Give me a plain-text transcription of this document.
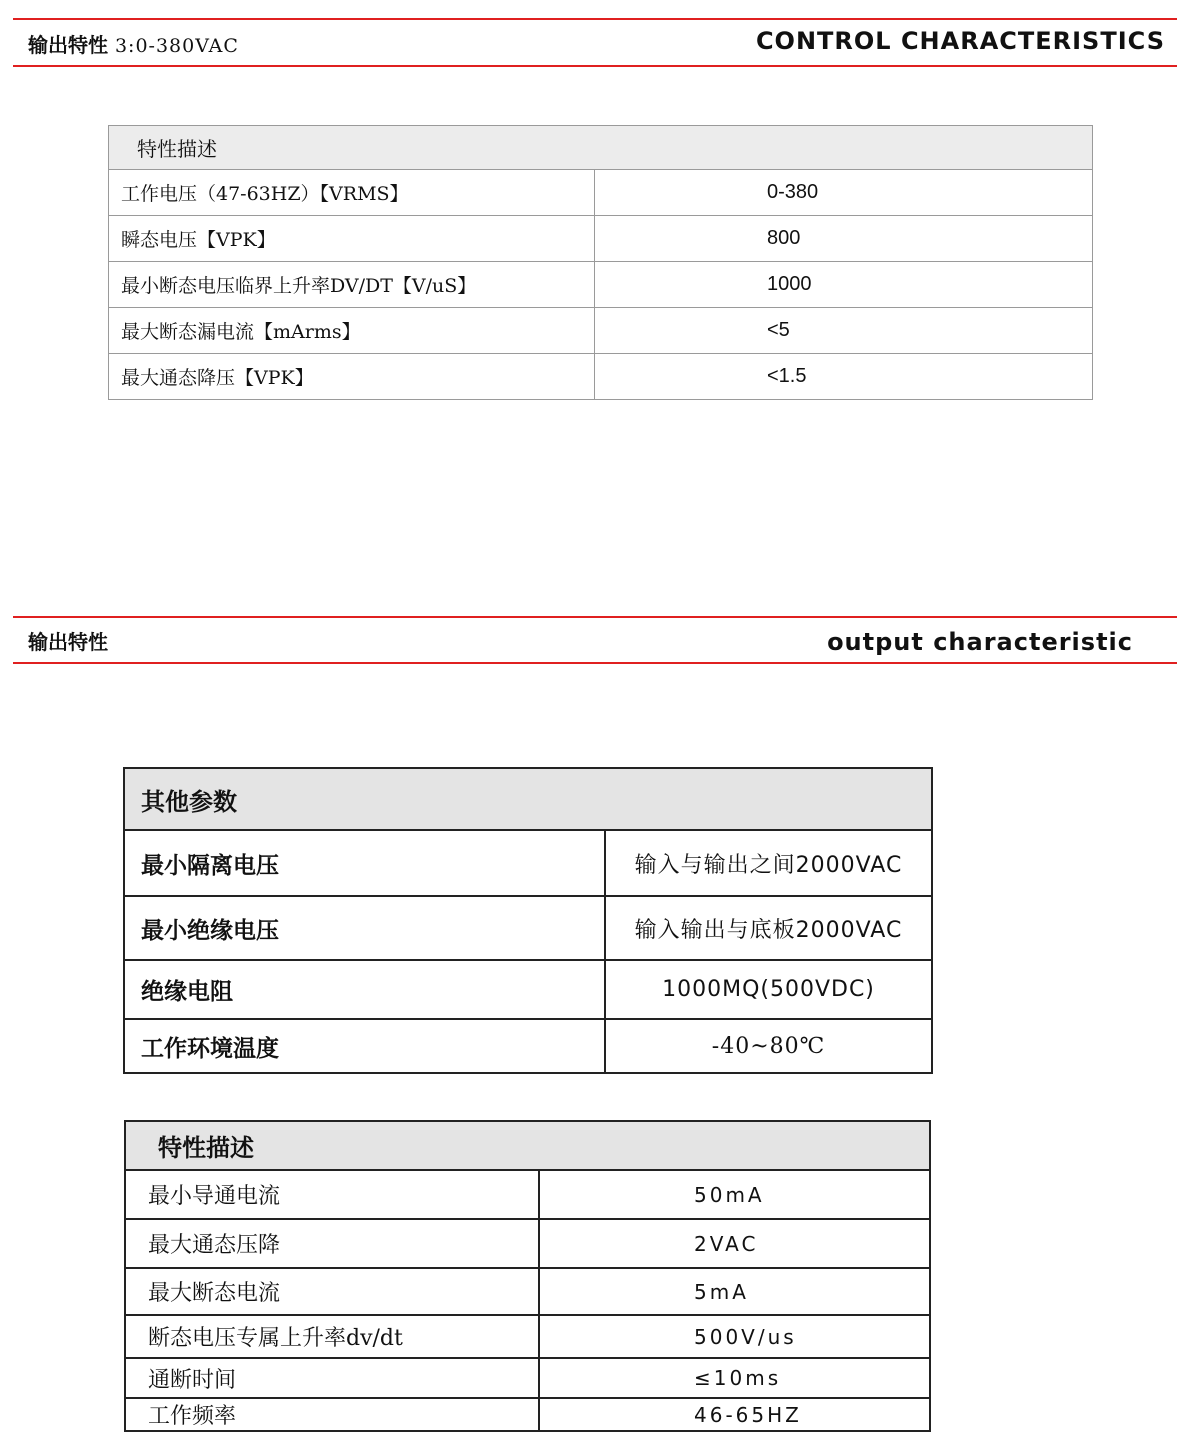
输出特性 3:0-380VAC	CONTROL CHARACTERISTICS
特性描述	
工作电压（47-63HZ）【VRMS】	0-380
瞬态电压【VPK】	800
最小断态电压临界上升率DV/DT【V/uS】	1000
最大断态漏电流【mArms】	<5
最大通态降压【VPK】	<1.5
输出特性	output characteristic
其他参数	
最小隔离电压	输入与输出之间2000VAC
最小绝缘电压	输入输出与底板2000VAC
绝缘电阻	1000MQ(500VDC)
工作环境温度	-40~80℃
特性描述	
最小导通电流	50mA
最大通态压降	2VAC
最大断态电流	5mA
断态电压专属上升率dv/dt	500V/us
通断时间	≤10ms
工作频率	46-65HZ
